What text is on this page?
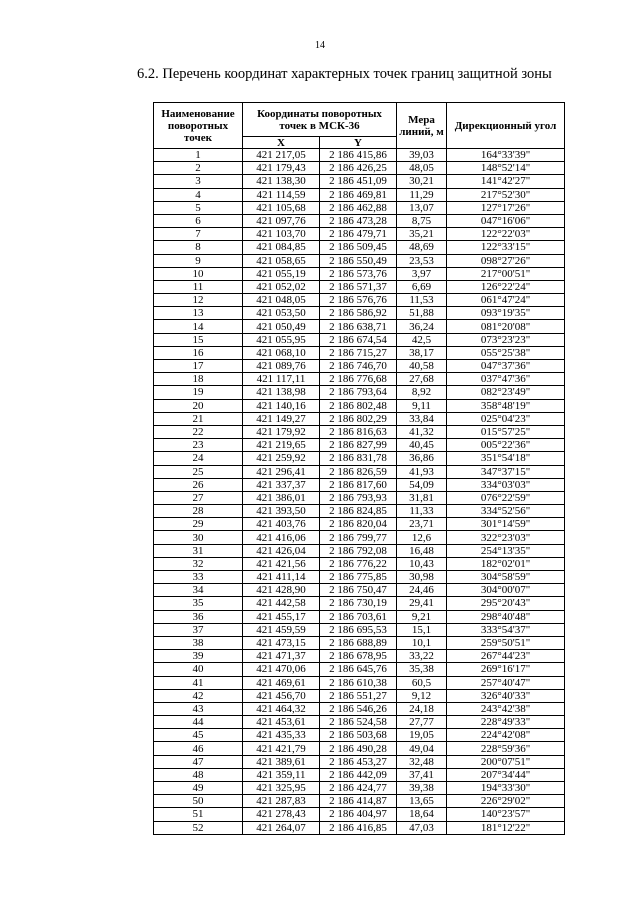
14
6.2. Перечень координат характерных точек границ защитной зоны
Наименование поворотных точек	Координаты поворотных точек в МСК-36		Мера линий, м	Дирекционный угол
	X	Y		
1	421 217,05	2 186 415,86	39,03	164°33'39"
2	421 179,43	2 186 426,25	48,05	148°52'14"
3	421 138,30	2 186 451,09	30,21	141°42'27"
4	421 114,59	2 186 469,81	11,29	217°52'30"
5	421 105,68	2 186 462,88	13,07	127°17'26"
6	421 097,76	2 186 473,28	8,75	047°16'06"
7	421 103,70	2 186 479,71	35,21	122°22'03"
8	421 084,85	2 186 509,45	48,69	122°33'15"
9	421 058,65	2 186 550,49	23,53	098°27'26"
10	421 055,19	2 186 573,76	3,97	217°00'51"
11	421 052,02	2 186 571,37	6,69	126°22'24"
12	421 048,05	2 186 576,76	11,53	061°47'24"
13	421 053,50	2 186 586,92	51,88	093°19'35"
14	421 050,49	2 186 638,71	36,24	081°20'08"
15	421 055,95	2 186 674,54	42,5	073°23'23"
16	421 068,10	2 186 715,27	38,17	055°25'38"
17	421 089,76	2 186 746,70	40,58	047°37'36"
18	421 117,11	2 186 776,68	27,68	037°47'36"
19	421 138,98	2 186 793,64	8,92	082°23'49"
20	421 140,16	2 186 802,48	9,11	358°48'19"
21	421 149,27	2 186 802,29	33,84	025°04'23"
22	421 179,92	2 186 816,63	41,32	015°57'25"
23	421 219,65	2 186 827,99	40,45	005°22'36"
24	421 259,92	2 186 831,78	36,86	351°54'18"
25	421 296,41	2 186 826,59	41,93	347°37'15"
26	421 337,37	2 186 817,60	54,09	334°03'03"
27	421 386,01	2 186 793,93	31,81	076°22'59"
28	421 393,50	2 186 824,85	11,33	334°52'56"
29	421 403,76	2 186 820,04	23,71	301°14'59"
30	421 416,06	2 186 799,77	12,6	322°23'03"
31	421 426,04	2 186 792,08	16,48	254°13'35"
32	421 421,56	2 186 776,22	10,43	182°02'01"
33	421 411,14	2 186 775,85	30,98	304°58'59"
34	421 428,90	2 186 750,47	24,46	304°00'07"
35	421 442,58	2 186 730,19	29,41	295°20'43"
36	421 455,17	2 186 703,61	9,21	298°40'48"
37	421 459,59	2 186 695,53	15,1	333°54'37"
38	421 473,15	2 186 688,89	10,1	259°50'51"
39	421 471,37	2 186 678,95	33,22	267°44'23"
40	421 470,06	2 186 645,76	35,38	269°16'17"
41	421 469,61	2 186 610,38	60,5	257°40'47"
42	421 456,70	2 186 551,27	9,12	326°40'33"
43	421 464,32	2 186 546,26	24,18	243°42'38"
44	421 453,61	2 186 524,58	27,77	228°49'33"
45	421 435,33	2 186 503,68	19,05	224°42'08"
46	421 421,79	2 186 490,28	49,04	228°59'36"
47	421 389,61	2 186 453,27	32,48	200°07'51"
48	421 359,11	2 186 442,09	37,41	207°34'44"
49	421 325,95	2 186 424,77	39,38	194°33'30"
50	421 287,83	2 186 414,87	13,65	226°29'02"
51	421 278,43	2 186 404,97	18,64	140°23'57"
52	421 264,07	2 186 416,85	47,03	181°12'22"
